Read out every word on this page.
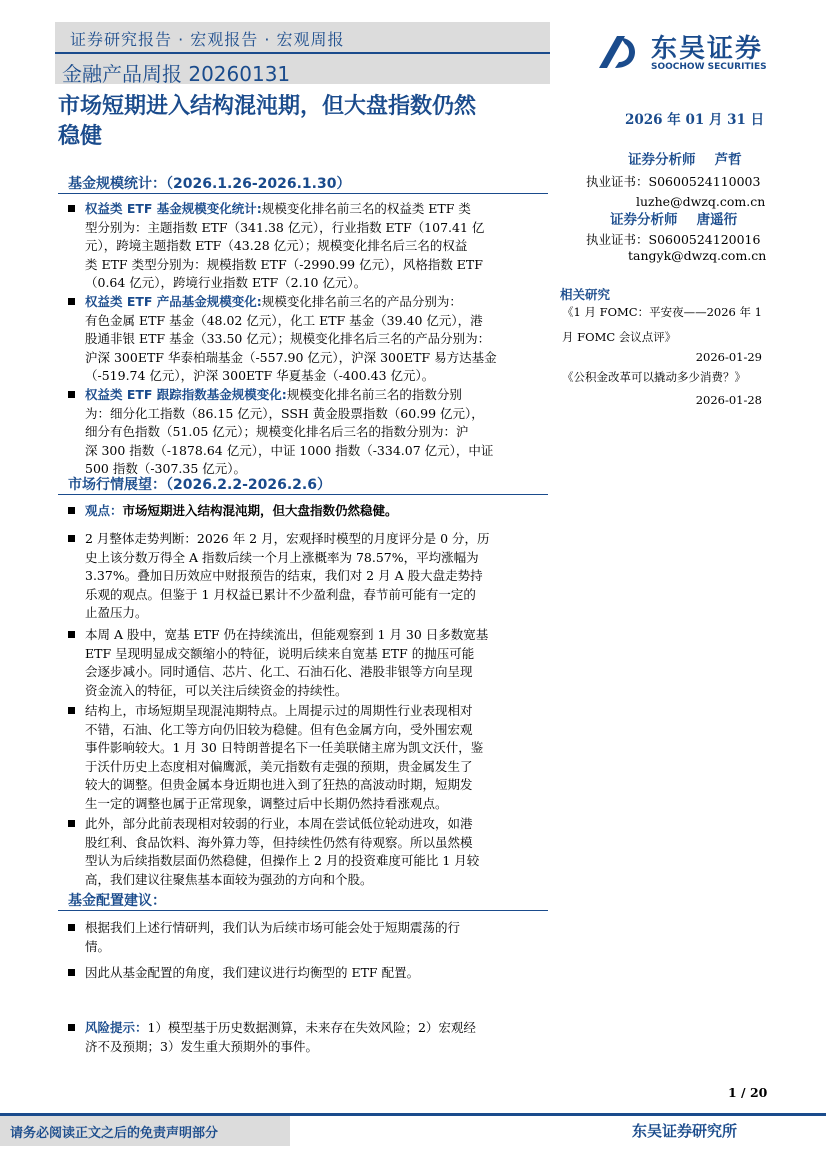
证券研究报告 · 宏观报告 · 宏观周报
金融产品周报 20260131
东吴证券
SOOCHOW SECURITIES
市场短期进入结构混沌期，但大盘指数仍然
稳健
2026 年 01 月 31 日
证券分析师 芦哲
执业证书：S0600524110003
luzhe@dwzq.com.cn
证券分析师 唐遥衎
执业证书：S0600524120016
tangyk@dwzq.com.cn
相关研究
《1 月 FOMC：平安夜——2026 年 1
月 FOMC 会议点评》
2026-01-29
《公积金改革可以撬动多少消费？》
2026-01-28
基金规模统计：（2026.1.26-2026.1.30）
权益类 ETF 基金规模变化统计:规模变化排名前三名的权益类 ETF 类
型分别为：主题指数 ETF（341.38 亿元），行业指数 ETF（107.41 亿
元），跨境主题指数 ETF（43.28 亿元）；规模变化排名后三名的权益
类 ETF 类型分别为：规模指数 ETF（-2990.99 亿元），风格指数 ETF
（0.64 亿元），跨境行业指数 ETF（2.10 亿元）。
权益类 ETF 产品基金规模变化:规模变化排名前三名的产品分别为：
有色金属 ETF 基金（48.02 亿元），化工 ETF 基金（39.40 亿元），港
股通非银 ETF 基金（33.50 亿元）；规模变化排名后三名的产品分别为：
沪深 300ETF 华泰柏瑞基金（-557.90 亿元），沪深 300ETF 易方达基金
（-519.74 亿元），沪深 300ETF 华夏基金（-400.43 亿元）。
权益类 ETF 跟踪指数基金规模变化:规模变化排名前三名的指数分别
为：细分化工指数（86.15 亿元），SSH 黄金股票指数（60.99 亿元），
细分有色指数（51.05 亿元）；规模变化排名后三名的指数分别为：沪
深 300 指数（-1878.64 亿元），中证 1000 指数（-334.07 亿元），中证
500 指数（-307.35 亿元）。
市场行情展望：（2026.2.2-2026.2.6）
观点：市场短期进入结构混沌期，但大盘指数仍然稳健。
2 月整体走势判断：2026 年 2 月，宏观择时模型的月度评分是 0 分，历
史上该分数万得全 A 指数后续一个月上涨概率为 78.57%，平均涨幅为
3.37%。叠加日历效应中财报预告的结束，我们对 2 月 A 股大盘走势持
乐观的观点。但鉴于 1 月权益已累计不少盈利盘，春节前可能有一定的
止盈压力。
本周 A 股中，宽基 ETF 仍在持续流出，但能观察到 1 月 30 日多数宽基
ETF 呈现明显成交额缩小的特征，说明后续来自宽基 ETF 的抛压可能
会逐步减小。同时通信、芯片、化工、石油石化、港股非银等方向呈现
资金流入的特征，可以关注后续资金的持续性。
结构上，市场短期呈现混沌期特点。上周提示过的周期性行业表现相对
不错，石油、化工等方向仍旧较为稳健。但有色金属方向，受外围宏观
事件影响较大。1 月 30 日特朗普提名下一任美联储主席为凯文沃什，鉴
于沃什历史上态度相对偏鹰派，美元指数有走强的预期，贵金属发生了
较大的调整。但贵金属本身近期也进入到了狂热的高波动时期，短期发
生一定的调整也属于正常现象，调整过后中长期仍然持看涨观点。
此外，部分此前表现相对较弱的行业，本周在尝试低位轮动进攻，如港
股红利、食品饮料、海外算力等，但持续性仍然有待观察。所以虽然模
型认为后续指数层面仍然稳健，但操作上 2 月的投资难度可能比 1 月较
高，我们建议往聚焦基本面较为强劲的方向和个股。
基金配置建议：
根据我们上述行情研判，我们认为后续市场可能会处于短期震荡的行
情。
因此从基金配置的角度，我们建议进行均衡型的 ETF 配置。
风险提示：1）模型基于历史数据测算，未来存在失效风险；2）宏观经
济不及预期；3）发生重大预期外的事件。
1 / 20
请务必阅读正文之后的免责声明部分	东吴证券研究所
